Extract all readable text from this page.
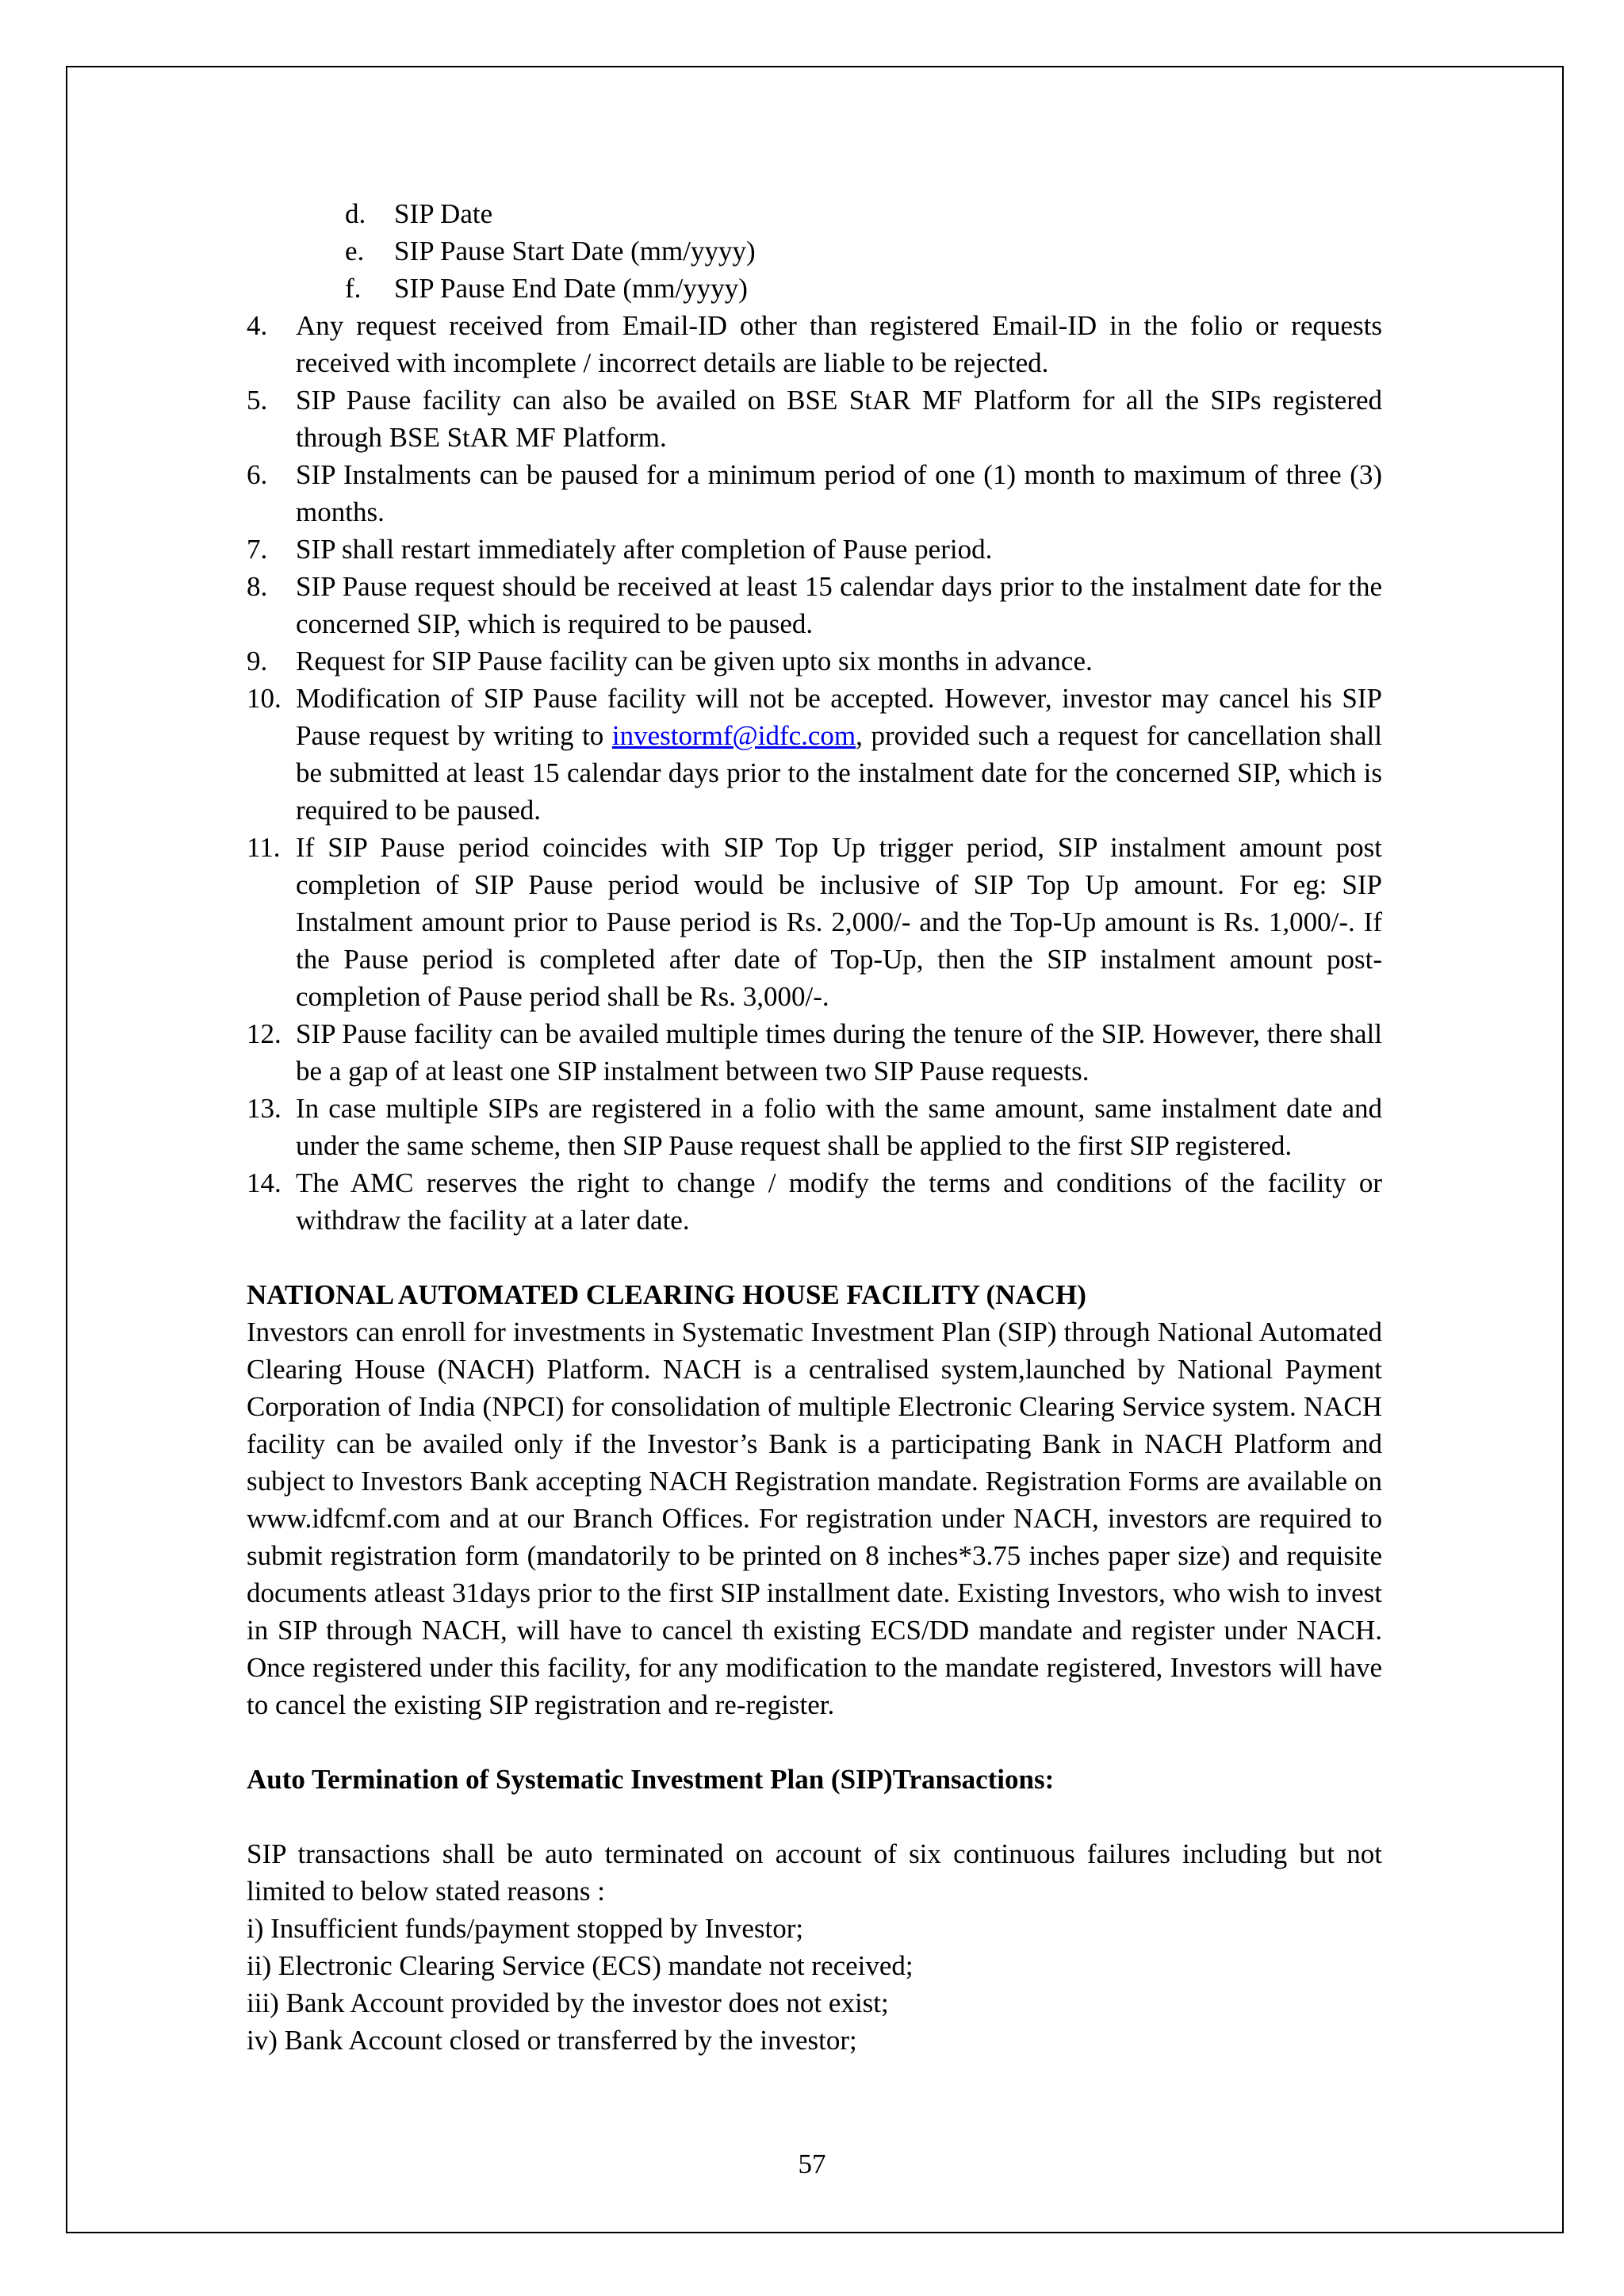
d. SIP Date
e. SIP Pause Start Date (mm/yyyy)
f. SIP Pause End Date (mm/yyyy)
4. Any request received from Email-ID other than registered Email-ID in the folio or requests received with incomplete / incorrect details are liable to be rejected.
5. SIP Pause facility can also be availed on BSE StAR MF Platform for all the SIPs registered through BSE StAR MF Platform.
6. SIP Instalments can be paused for a minimum period of one (1) month to maximum of three (3) months.
7. SIP shall restart immediately after completion of Pause period.
8. SIP Pause request should be received at least 15 calendar days prior to the instalment date for the concerned SIP, which is required to be paused.
9. Request for SIP Pause facility can be given upto six months in advance.
10. Modification of SIP Pause facility will not be accepted. However, investor may cancel his SIP Pause request by writing to investormf@idfc.com, provided such a request for cancellation shall be submitted at least 15 calendar days prior to the instalment date for the concerned SIP, which is required to be paused.
11. If SIP Pause period coincides with SIP Top Up trigger period, SIP instalment amount post completion of SIP Pause period would be inclusive of SIP Top Up amount. For eg: SIP Instalment amount prior to Pause period is Rs. 2,000/- and the Top-Up amount is Rs. 1,000/-. If the Pause period is completed after date of Top-Up, then the SIP instalment amount post-completion of Pause period shall be Rs. 3,000/-.
12. SIP Pause facility can be availed multiple times during the tenure of the SIP. However, there shall be a gap of at least one SIP instalment between two SIP Pause requests.
13. In case multiple SIPs are registered in a folio with the same amount, same instalment date and under the same scheme, then SIP Pause request shall be applied to the first SIP registered.
14. The AMC reserves the right to change / modify the terms and conditions of the facility or withdraw the facility at a later date.
NATIONAL AUTOMATED CLEARING HOUSE FACILITY (NACH)

Investors can enroll for investments in Systematic Investment Plan (SIP) through National Automated Clearing House (NACH) Platform. NACH is a centralised system,launched by National Payment Corporation of India (NPCI) for consolidation of multiple Electronic Clearing Service system. NACH facility can be availed only if the Investor’s Bank is a participating Bank in NACH Platform and subject to Investors Bank accepting NACH Registration mandate. Registration Forms are available on www.idfcmf.com and at our Branch Offices. For registration under NACH, investors are required to submit registration form (mandatorily to be printed on 8 inches*3.75 inches paper size) and requisite documents atleast 31days prior to the first SIP installment date. Existing Investors, who wish to invest in SIP through NACH, will have to cancel th existing ECS/DD mandate and register under NACH. Once registered under this facility, for any modification to the mandate registered, Investors will have to cancel the existing SIP registration and re-register.

Auto Termination of Systematic Investment Plan (SIP)Transactions:

SIP transactions shall be auto terminated on account of six continuous failures including but not limited to below stated reasons :

i) Insufficient funds/payment stopped by Investor;
ii) Electronic Clearing Service (ECS) mandate not received;
iii) Bank Account provided by the investor does not exist;
iv) Bank Account closed or transferred by the investor;
57
